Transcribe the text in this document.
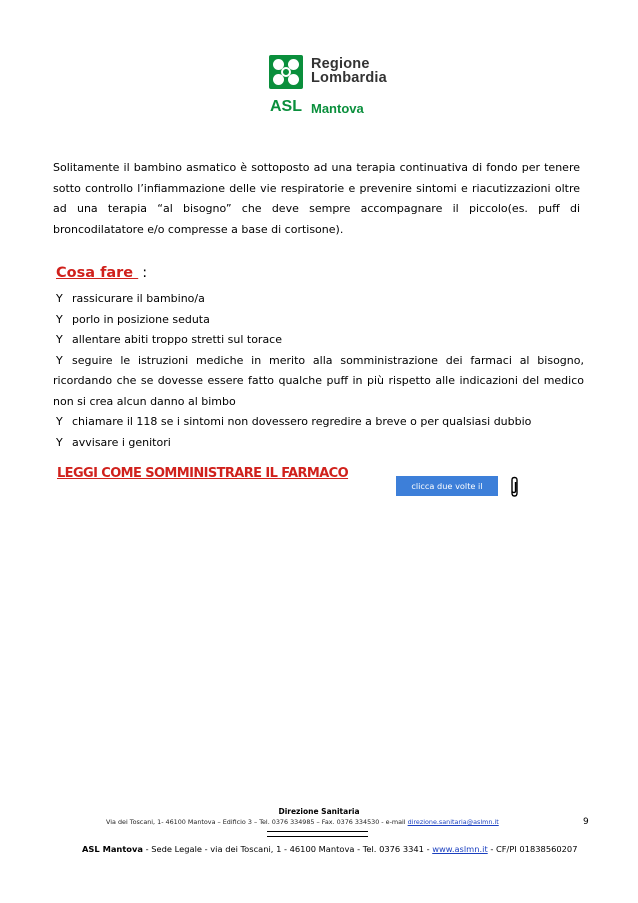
Regione
Lombardia
ASL Mantova
Solitamente il bambino asmatico è sottoposto ad una terapia continuativa di fondo per tenere sotto controllo l’infiammazione delle vie respiratorie e prevenire sintomi e riacutizzazioni oltre ad una terapia “al bisogno” che deve sempre accompagnare il piccolo(es. puff di broncodilatatore e/o compresse a base di cortisone).
Cosa fare :
Y rassicurare il bambino/a
Y porlo in posizione seduta
Y allentare abiti troppo stretti sul torace
Y seguire le istruzioni mediche in merito alla somministrazione dei farmaci al bisogno, ricordando che se dovesse essere fatto qualche puff in più rispetto alle indicazioni del medico non si crea alcun danno al bimbo
Y chiamare il 118 se i sintomi non dovessero regredire a breve o per qualsiasi dubbio
Y avvisare i genitori
LEGGI COME SOMMINISTRARE IL FARMACO
clicca due volte il simbolo
Direzione Sanitaria
Via dei Toscani, 1- 46100 Mantova – Edificio 3 – Tel. 0376 334985 – Fax. 0376 334530 - e-mail direzione.sanitaria@aslmn.it	9
ASL Mantova - Sede Legale - via dei Toscani, 1 - 46100 Mantova - Tel. 0376 3341 - www.aslmn.it - CF/PI 01838560207
